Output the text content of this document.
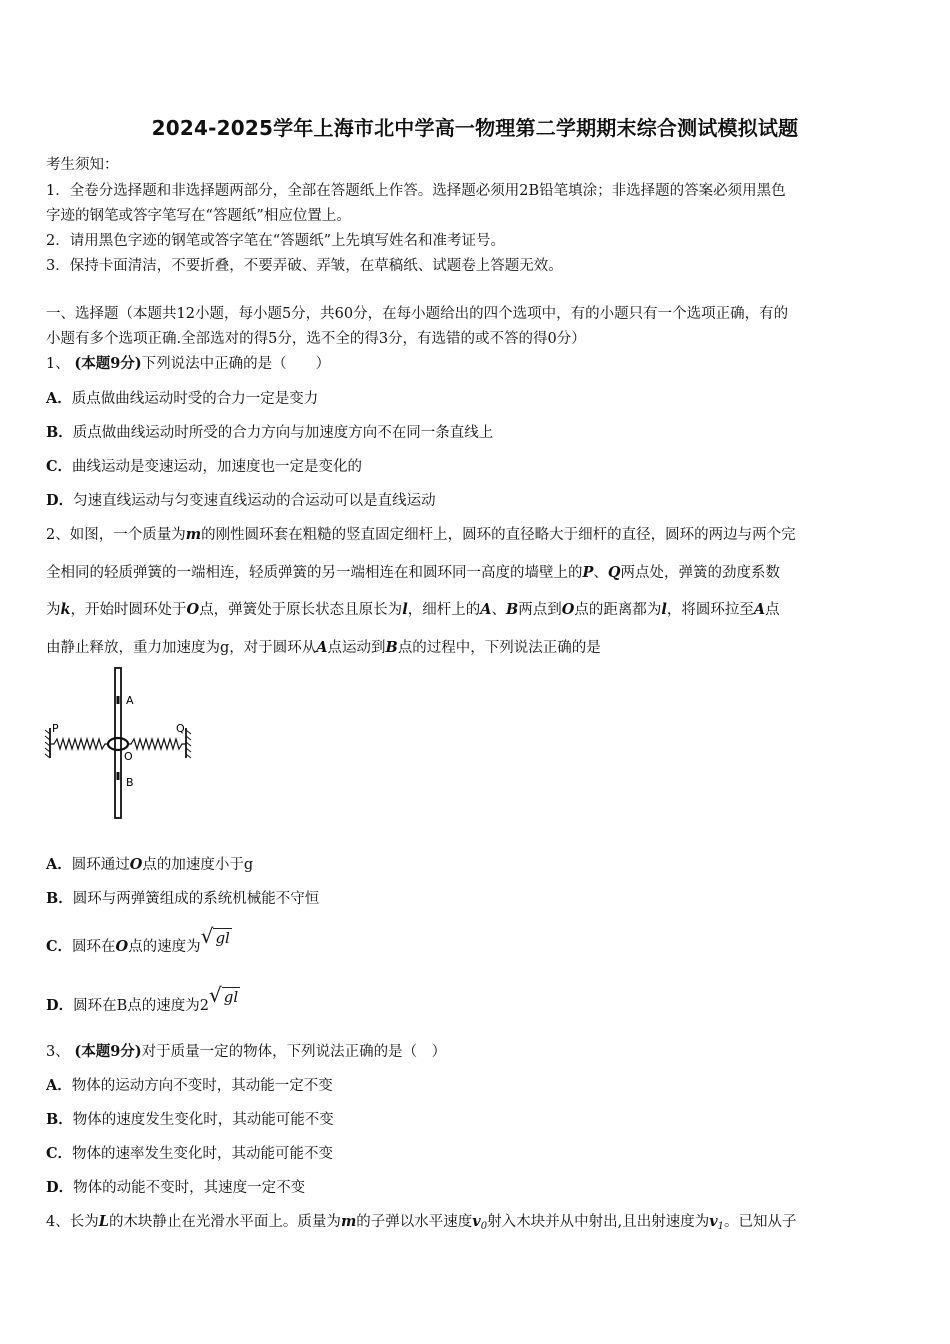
2024-2025学年上海市北中学高一物理第二学期期末综合测试模拟试题
考生须知：
1．全卷分选择题和非选择题两部分，全部在答题纸上作答。选择题必须用2B铅笔填涂；非选择题的答案必须用黑色
字迹的钢笔或答字笔写在“答题纸”相应位置上。
2．请用黑色字迹的钢笔或答字笔在“答题纸”上先填写姓名和准考证号。
3．保持卡面清洁，不要折叠，不要弄破、弄皱，在草稿纸、试题卷上答题无效。
一、选择题（本题共12小题，每小题5分，共60分，在每小题给出的四个选项中，有的小题只有一个选项正确，有的
小题有多个选项正确.全部选对的得5分，选不全的得3分，有选错的或不答的得0分）
1、 (本题9分)下列说法中正确的是（　　）
A．质点做曲线运动时受的合力一定是变力
B．质点做曲线运动时所受的合力方向与加速度方向不在同一条直线上
C．曲线运动是变速运动，加速度也一定是变化的
D．匀速直线运动与匀变速直线运动的合运动可以是直线运动
2、如图，一个质量为m的刚性圆环套在粗糙的竖直固定细杆上，圆环的直径略大于细杆的直径，圆环的两边与两个完
全相同的轻质弹簧的一端相连，轻质弹簧的另一端相连在和圆环同一高度的墙壁上的P、Q两点处，弹簧的劲度系数
为k，开始时圆环处于O点，弹簧处于原长状态且原长为l，细杆上的A、B两点到O点的距离都为l，将圆环拉至A点
由静止释放，重力加速度为g，对于圆环从A点运动到B点的过程中，下列说法正确的是
A
O
B
P	Q
A．圆环通过O点的加速度小于g
B．圆环与两弹簧组成的系统机械能不守恒
C．圆环在O点的速度为√ gl
D．圆环在B点的速度为2√ gl
3、 (本题9分)对于质量一定的物体，下列说法正确的是（　）
A．物体的运动方向不变时，其动能一定不变
B．物体的速度发生变化时，其动能可能不变
C．物体的速率发生变化时，其动能可能不变
D．物体的动能不变时，其速度一定不变
4、长为L的木块静止在光滑水平面上。质量为m的子弹以水平速度$v_0$射入木块并从中射出,且出射速度为$v_1$。已知从子
